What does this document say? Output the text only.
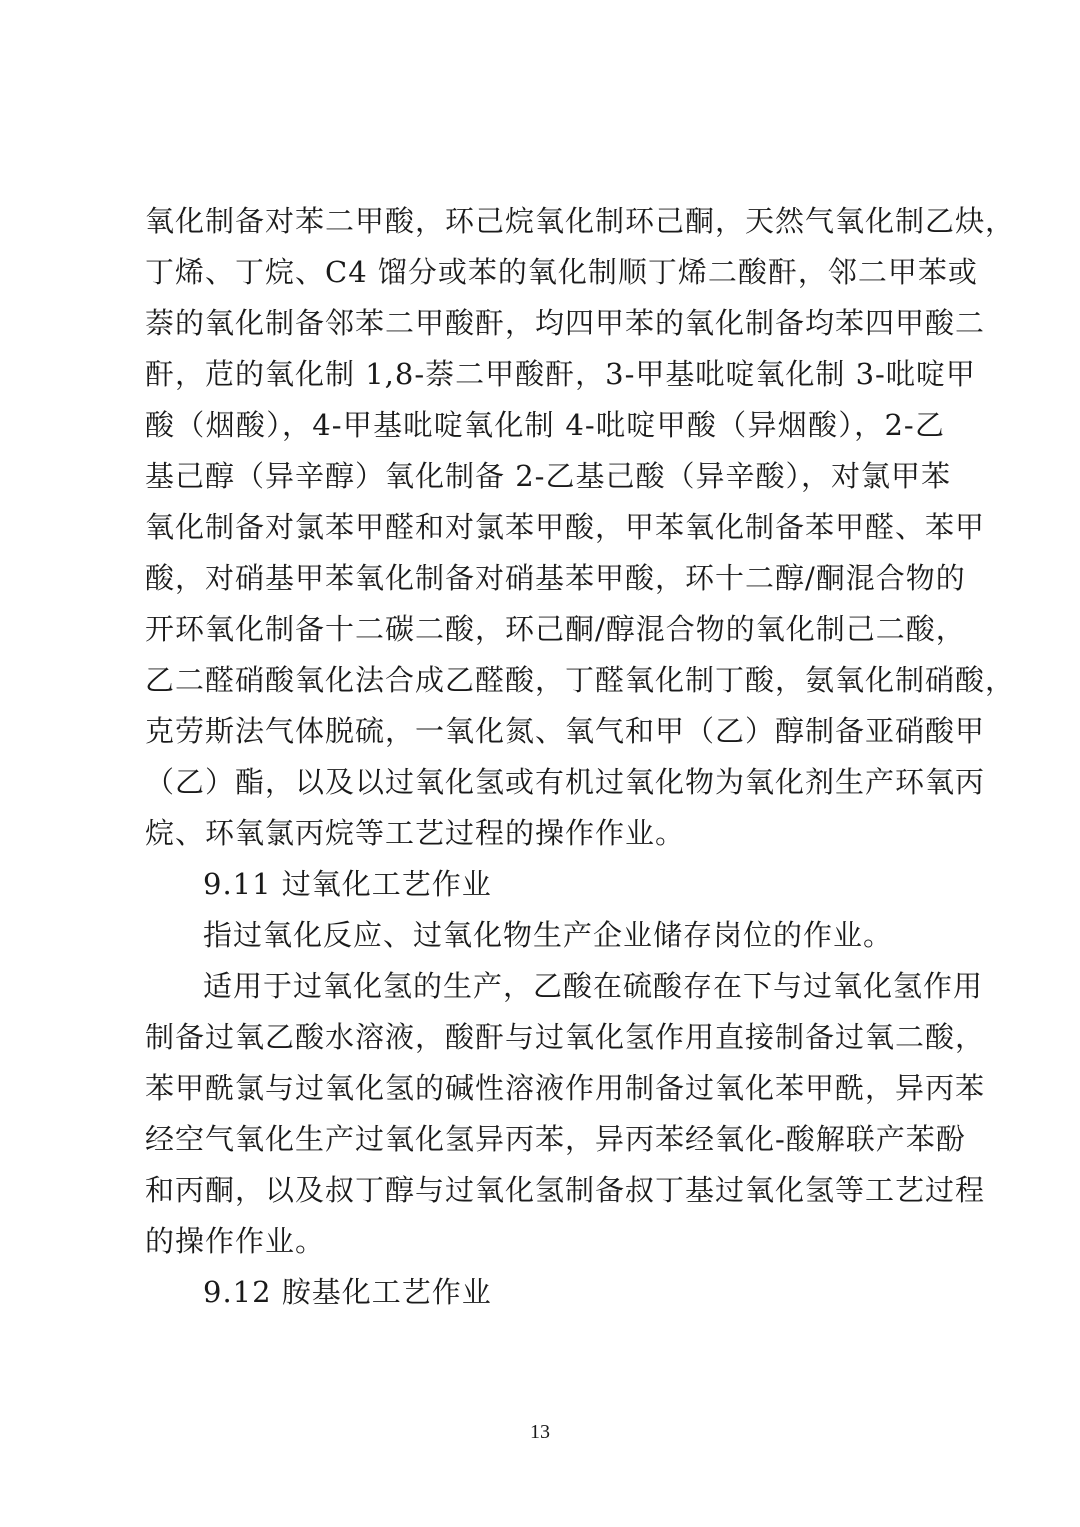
氧化制备对苯二甲酸，环己烷氧化制环己酮，天然气氧化制乙炔，
丁烯、丁烷、C4 馏分或苯的氧化制顺丁烯二酸酐，邻二甲苯或
萘的氧化制备邻苯二甲酸酐，均四甲苯的氧化制备均苯四甲酸二
酐，苊的氧化制 1,8-萘二甲酸酐，3-甲基吡啶氧化制 3-吡啶甲
酸（烟酸），4-甲基吡啶氧化制 4-吡啶甲酸（异烟酸），2-乙
基己醇（异辛醇）氧化制备 2-乙基己酸（异辛酸），对氯甲苯
氧化制备对氯苯甲醛和对氯苯甲酸，甲苯氧化制备苯甲醛、苯甲
酸，对硝基甲苯氧化制备对硝基苯甲酸，环十二醇/酮混合物的
开环氧化制备十二碳二酸，环己酮/醇混合物的氧化制己二酸，
乙二醛硝酸氧化法合成乙醛酸，丁醛氧化制丁酸，氨氧化制硝酸，
克劳斯法气体脱硫，一氧化氮、氧气和甲（乙）醇制备亚硝酸甲
（乙）酯，以及以过氧化氢或有机过氧化物为氧化剂生产环氧丙
烷、环氧氯丙烷等工艺过程的操作作业。
9.11 过氧化工艺作业
指过氧化反应、过氧化物生产企业储存岗位的作业。
适用于过氧化氢的生产，乙酸在硫酸存在下与过氧化氢作用
制备过氧乙酸水溶液，酸酐与过氧化氢作用直接制备过氧二酸，
苯甲酰氯与过氧化氢的碱性溶液作用制备过氧化苯甲酰，异丙苯
经空气氧化生产过氧化氢异丙苯，异丙苯经氧化-酸解联产苯酚
和丙酮，以及叔丁醇与过氧化氢制备叔丁基过氧化氢等工艺过程
的操作作业。
9.12 胺基化工艺作业
13
